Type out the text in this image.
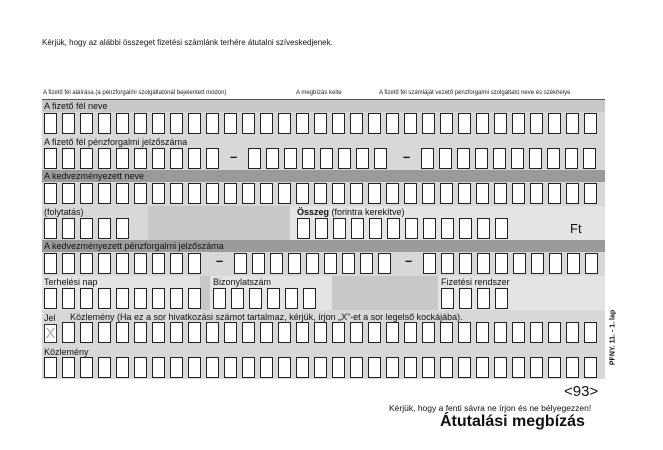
Kérjük, hogy az alábbi összeget fizetési számlánk terhére átutalni szíveskedjenek.
A fizető fél aláírása (a pénzforgalmi szolgáltatónál bejelentett módon)	A megbízás kelte	A fizető fél számláját vezető pénzforgalmi szolgáltató neve és székhelye
A fizető fél neve
A fizető fél pénzforgalmi jelzőszáma
–	–
A kedvezményezett neve
(folytatás)	Összeg (forintra kerekítve)
Ft
A kedvezményezett pénzforgalmi jelzőszáma
–	–
Terhelési nap	Bizonylatszám	Fizetési rendszer
Jel
X
Közlemény (Ha ez a sor hivatkozási számot tartalmaz, kérjük, írjon „X”-et a sor legelső kockájába).
Közlemény	PFNY. 11. - 1. lap
<93>
Kérjük, hogy a fenti sávra ne írjon és ne bélyegezzen!
Átutalási megbízás
